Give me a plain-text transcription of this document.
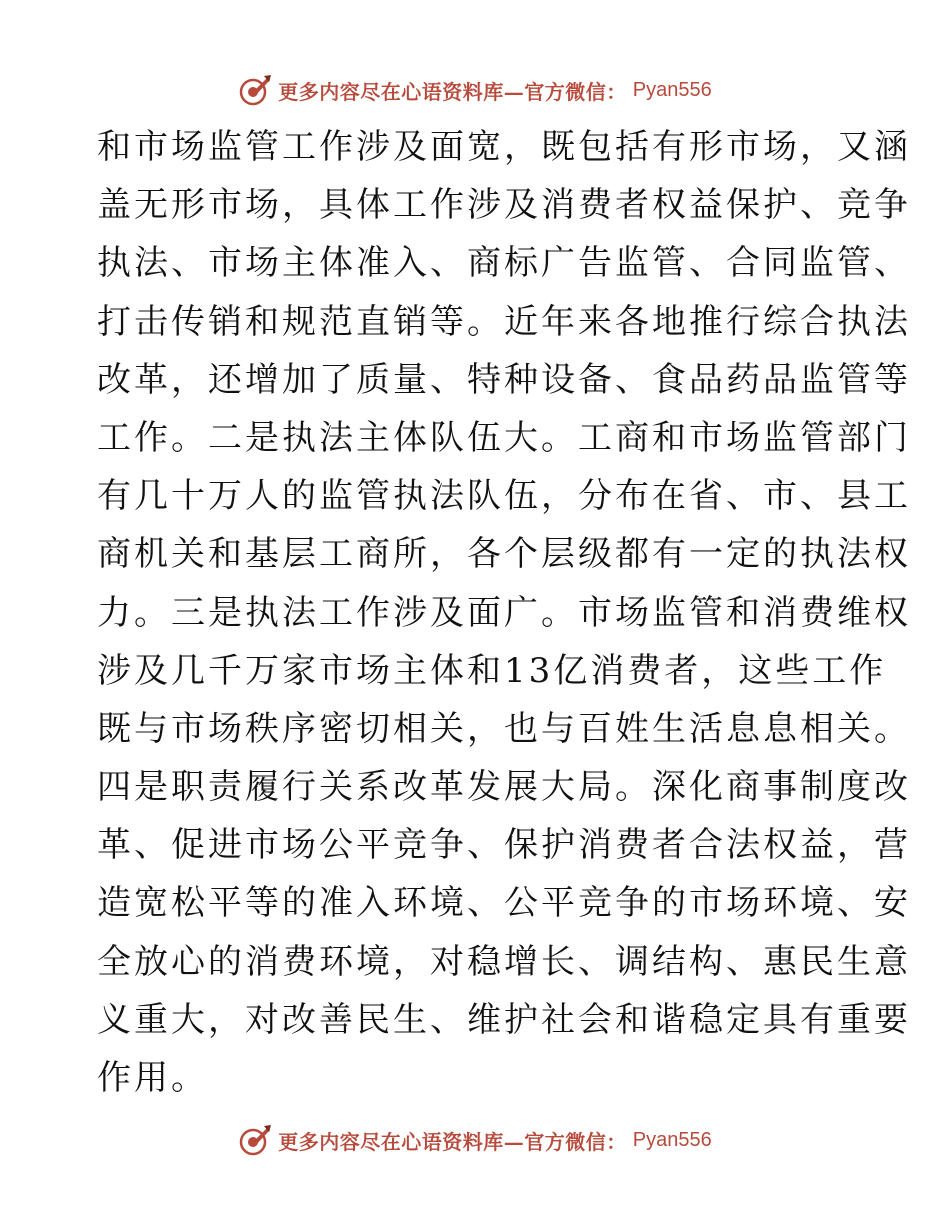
更多内容尽在心语资料库—官方微信： Pyan556
和市场监管工作涉及面宽，既包括有形市场，又涵
盖无形市场，具体工作涉及消费者权益保护、竞争
执法、市场主体准入、商标广告监管、合同监管、
打击传销和规范直销等。近年来各地推行综合执法
改革，还增加了质量、特种设备、食品药品监管等
工作。二是执法主体队伍大。工商和市场监管部门
有几十万人的监管执法队伍，分布在省、市、县工
商机关和基层工商所，各个层级都有一定的执法权
力。三是执法工作涉及面广。市场监管和消费维权
涉及几千万家市场主体和13亿消费者，这些工作
既与市场秩序密切相关，也与百姓生活息息相关。
四是职责履行关系改革发展大局。深化商事制度改
革、促进市场公平竞争、保护消费者合法权益，营
造宽松平等的准入环境、公平竞争的市场环境、安
全放心的消费环境，对稳增长、调结构、惠民生意
义重大，对改善民生、维护社会和谐稳定具有重要
作用。
更多内容尽在心语资料库—官方微信： Pyan556
